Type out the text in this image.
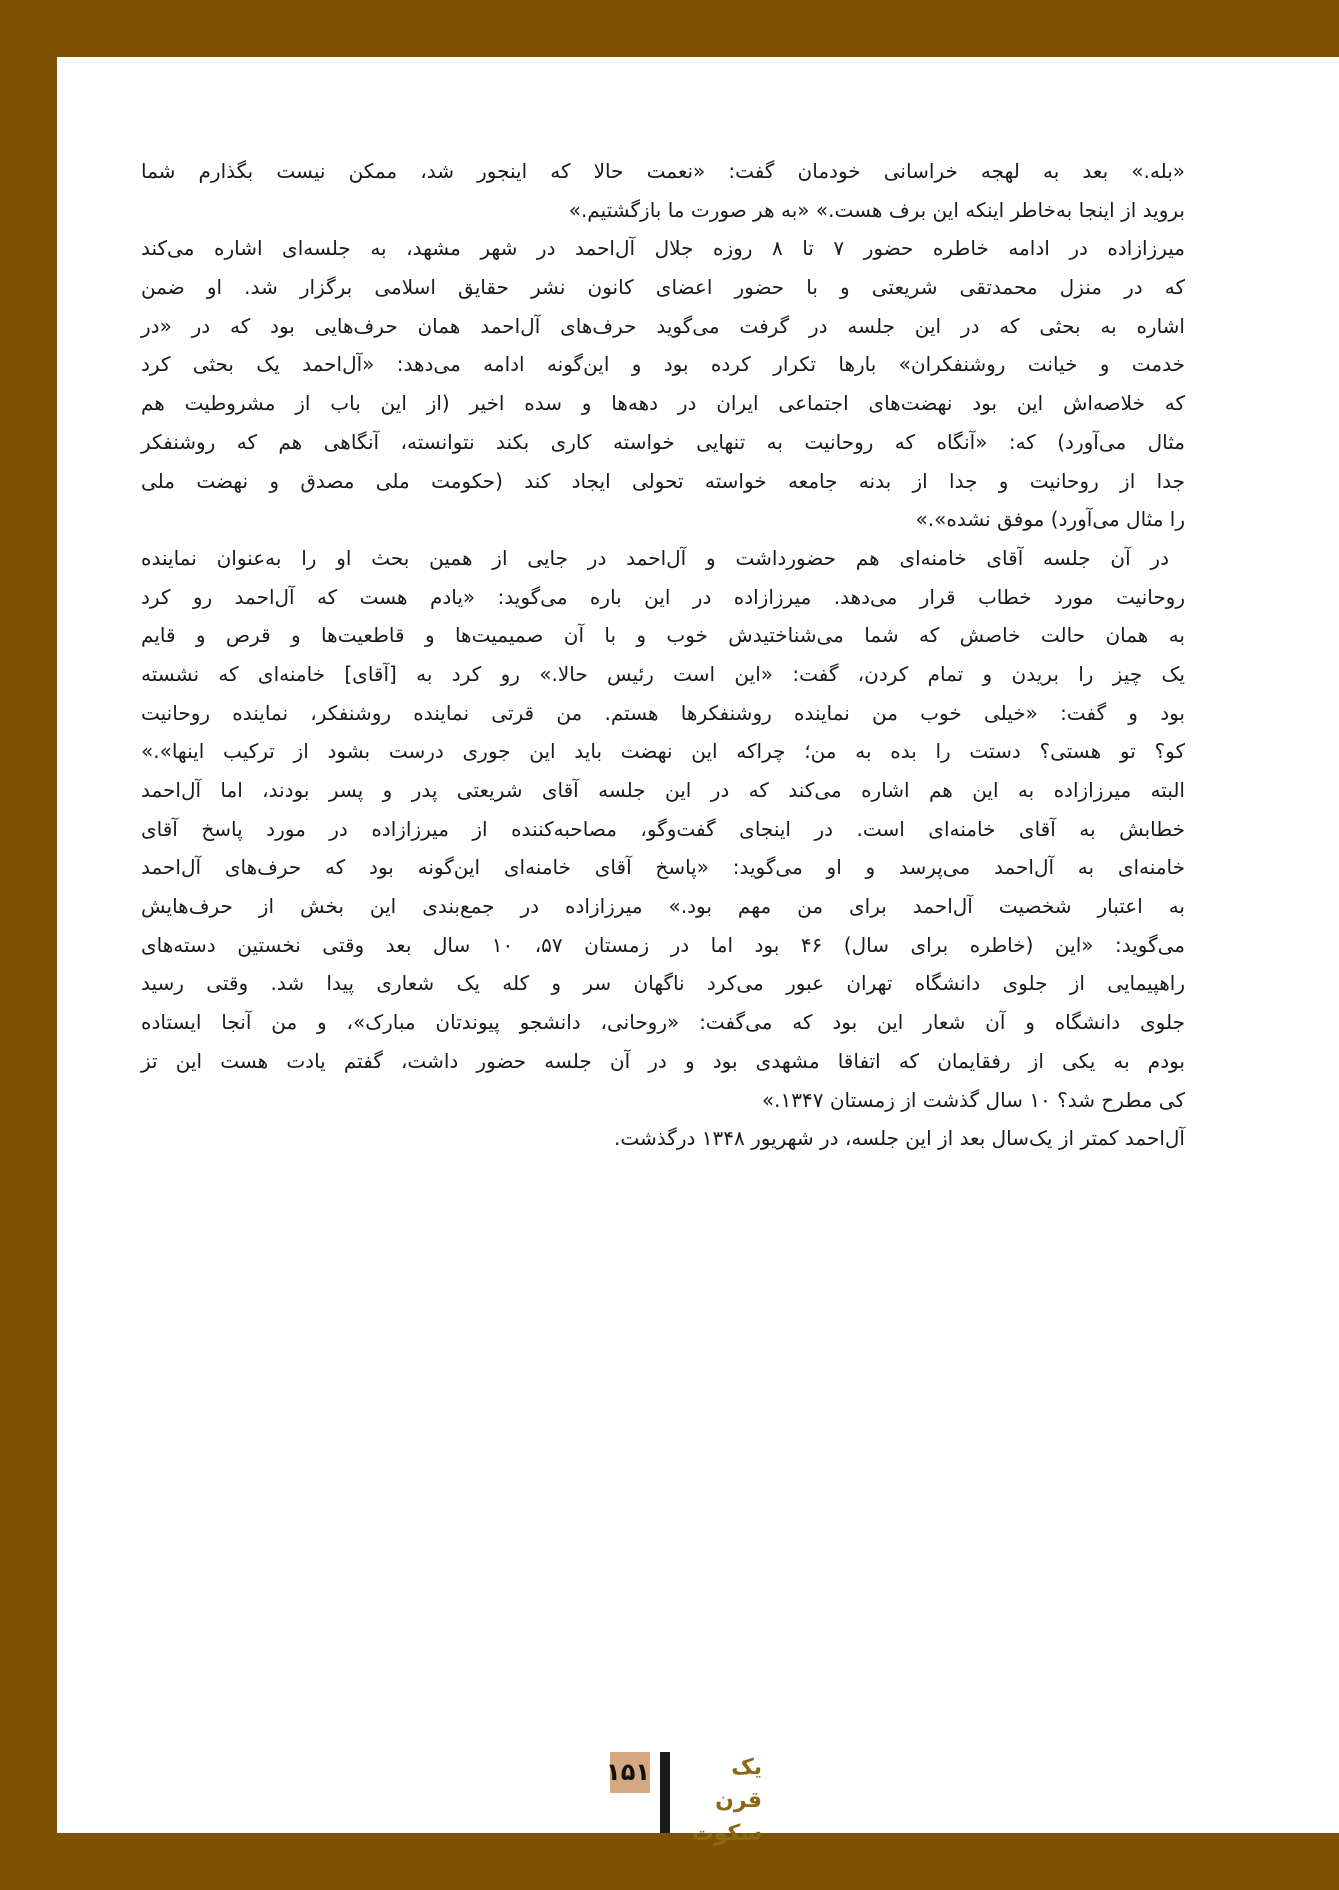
«بله.» بعد به لهجه خراسانی خودمان گفت: «نعمت حالا که اینجور شد، ممکن نیست بگذارم شما
بروید از اینجا به‌خاطر اینکه این برف هست.» «به هر صورت ما بازگشتیم.»
میرزازاده در ادامه خاطره حضور ۷ تا ۸ روزه جلال آل‌احمد در شهر مشهد، به جلسه‌ای اشاره می‌کند
که در منزل محمدتقی شریعتی و با حضور اعضای کانون نشر حقایق اسلامی برگزار شد. او ضمن
اشاره به بحثی که در این جلسه در گرفت می‌گوید حرف‌های آل‌احمد همان حرف‌هایی بود که در «در
خدمت و خیانت روشنفکران» بارها تکرار کرده بود و این‌گونه ادامه می‌دهد: «آل‌احمد یک بحثی کرد
که خلاصه‌اش این بود نهضت‌های اجتماعی ایران در دهه‌ها و سده اخیر (از این باب از مشروطیت هم
مثال می‌آورد) که: «آنگاه که روحانیت به تنهایی خواسته کاری بکند نتوانسته، آنگاهی هم که روشنفکر
جدا از روحانیت و جدا از بدنه جامعه خواسته تحولی ایجاد کند (حکومت ملی مصدق و نهضت ملی
را مثال می‌آورد) موفق نشده».»
در آن جلسه آقای خامنه‌ای هم حضورداشت و آل‌احمد در جایی از همین بحث او را به‌عنوان نماینده
روحانیت مورد خطاب قرار می‌دهد. میرزازاده در این باره می‌گوید: «یادم هست که آل‌احمد رو کرد
به همان حالت خاصش که شما می‌شناختیدش خوب و با آن صمیمیت‌ها و قاطعیت‌ها و قرص و قایم
یک چیز را بریدن و تمام کردن، گفت: «این است رئیس حالا.» رو کرد به [آقای] خامنه‌ای که نشسته
بود و گفت: «خیلی خوب من نماینده روشنفکرها هستم. من قرتی نماینده روشنفکر، نماینده روحانیت
کو؟ تو هستی؟ دستت را بده به من؛ چراکه این نهضت باید این جوری درست بشود از ترکیب اینها».»
البته میرزازاده به این هم اشاره می‌کند که در این جلسه آقای شریعتی پدر و پسر بودند، اما آل‌احمد
خطابش به آقای خامنه‌ای است. در اینجای گفت‌وگو، مصاحبه‌کننده از میرزازاده در مورد پاسخ آقای
خامنه‌ای به آل‌احمد می‌پرسد و او می‌گوید: «پاسخ آقای خامنه‌ای این‌گونه بود که حرف‌های آل‌احمد
به اعتبار شخصیت آل‌احمد برای من مهم بود.» میرزازاده در جمع‌بندی این بخش از حرف‌هایش
می‌گوید: «این (خاطره برای سال) ۴۶ بود اما در زمستان ۵۷، ۱۰ سال بعد وقتی نخستین دسته‌های
راهپیمایی از جلوی دانشگاه تهران عبور می‌کرد ناگهان سر و کله یک شعاری پیدا شد. وقتی رسید
جلوی دانشگاه و آن شعار این بود که می‌گفت: «روحانی، دانشجو پیوندتان مبارک»، و من آنجا ایستاده
بودم به یکی از رفقایمان که اتفاقا مشهدی بود و در آن جلسه حضور داشت، گفتم یادت هست این تز
کی مطرح شد؟ ۱۰ سال گذشت از زمستان ۱۳۴۷.»
آل‌احمد کمتر از یک‌سال بعد از این جلسه، در شهریور ۱۳۴۸ درگذشت.
۱۵۱	یک قرن
سکوت
